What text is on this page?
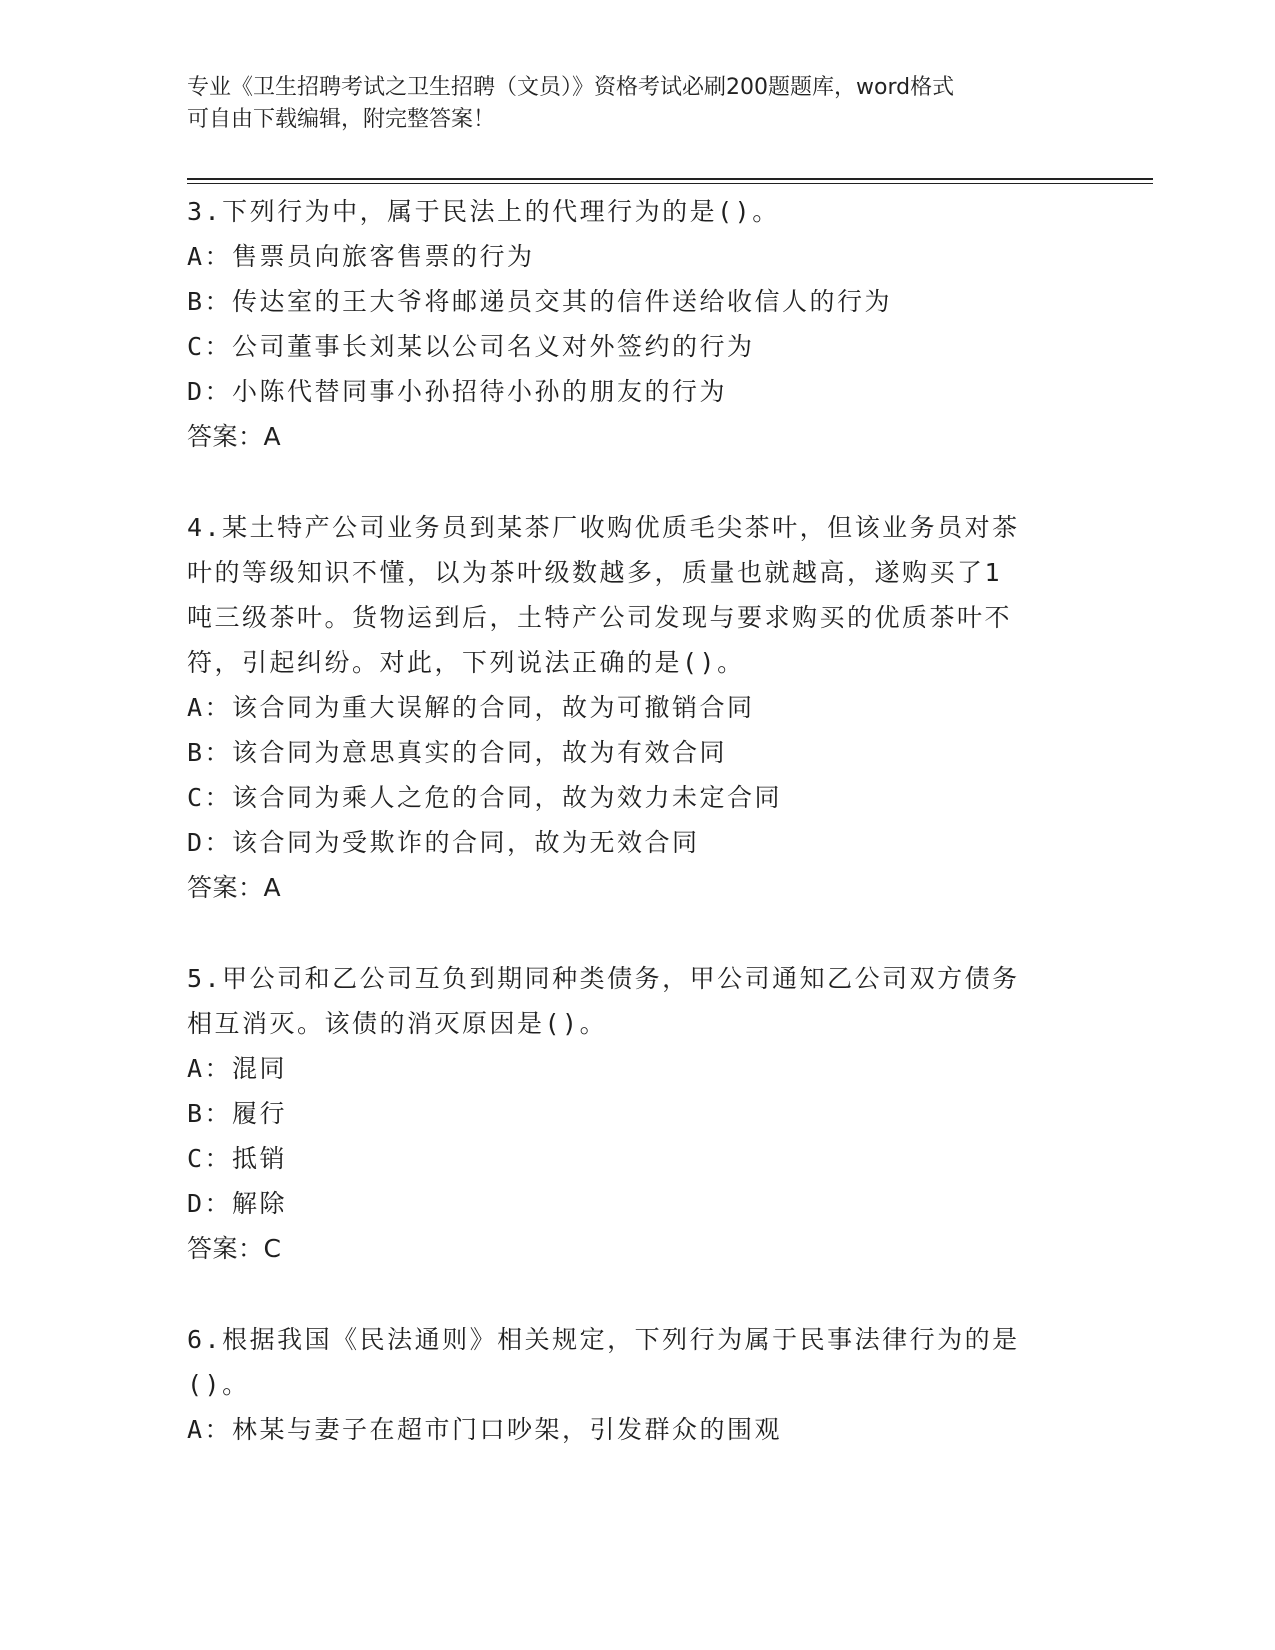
专业《卫生招聘考试之卫生招聘（文员）》资格考试必刷200题题库，word格式
可自由下载编辑，附完整答案！
3.下列行为中，属于民法上的代理行为的是()。
A：售票员向旅客售票的行为
B：传达室的王大爷将邮递员交其的信件送给收信人的行为
C：公司董事长刘某以公司名义对外签约的行为
D：小陈代替同事小孙招待小孙的朋友的行为
答案：A
4.某土特产公司业务员到某茶厂收购优质毛尖茶叶，但该业务员对茶
叶的等级知识不懂，以为茶叶级数越多，质量也就越高，遂购买了1
吨三级茶叶。货物运到后，土特产公司发现与要求购买的优质茶叶不
符，引起纠纷。对此，下列说法正确的是()。
A：该合同为重大误解的合同，故为可撤销合同
B：该合同为意思真实的合同，故为有效合同
C：该合同为乘人之危的合同，故为效力未定合同
D：该合同为受欺诈的合同，故为无效合同
答案：A
5.甲公司和乙公司互负到期同种类债务，甲公司通知乙公司双方债务
相互消灭。该债的消灭原因是()。
A：混同
B：履行
C：抵销
D：解除
答案：C
6.根据我国《民法通则》相关规定，下列行为属于民事法律行为的是
()。
A：林某与妻子在超市门口吵架，引发群众的围观
